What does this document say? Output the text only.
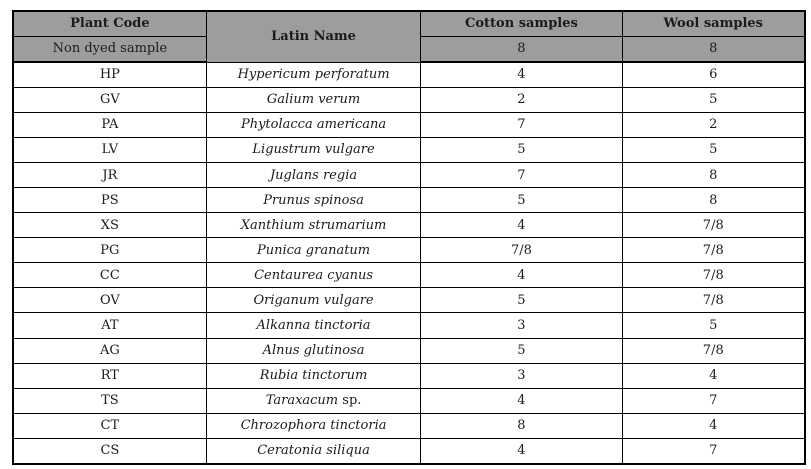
Plant Code	Latin Name	Cotton samples	Wool samples
Non dyed sample		8	8
HP	Hypericum perforatum	4	6
GV	Galium verum	2	5
PA	Phytolacca americana	7	2
LV	Ligustrum vulgare	5	5
JR	Juglans regia	7	8
PS	Prunus spinosa	5	8
XS	Xanthium strumarium	4	7/8
PG	Punica granatum	7/8	7/8
CC	Centaurea cyanus	4	7/8
OV	Origanum vulgare	5	7/8
AT	Alkanna tinctoria	3	5
AG	Alnus glutinosa	5	7/8
RT	Rubia tinctorum	3	4
TS	Taraxacum sp.	4	7
CT	Chrozophora tinctoria	8	4
CS	Ceratonia siliqua	4	7
